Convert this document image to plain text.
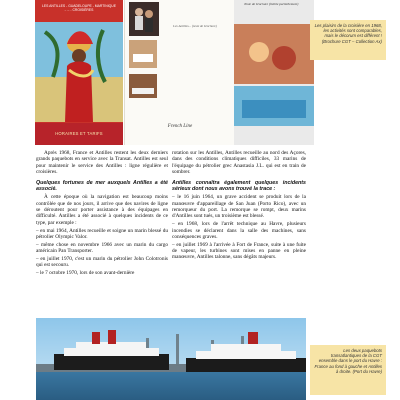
LES ANTILLES - GUADELOUPE - MARTINIQUE - ... - CROISIÈRES
HORAIRES ET TARIFS
Les Antilles... (texte de brochure)
French Line
Texte de brochure (lisible partiellement)
Les plaisirs de la croisière en 1968, les activités sont comparables, mais le décorum est différent ! (Brochure CGT – Collection Ax)

Après 1968, France et Antilles restent les deux derniers grands paquebots en service avec la Transat. Antilles est seul pour maintenir le service des Antilles : ligne régulière et croisières.

Quelques fortunes de mer auxquels Antilles a été associé.

À cette époque où la navigation est beaucoup moins contrôlée que de nos jours, il arrive que des navires de ligne se déroutent pour porter assistance à des équipages en difficulté. Antilles a été associé à quelques incidents de ce type, par exemple :

– en mai 1964, Antilles recueille et soigne un marin blessé du pétrolier Olympic Valor.

– même chose en novembre 1966 avec un marin du cargo américain Pan Transporter.

– en juillet 1970, c'est un marin du pétrolier John Colotronis qui est secouru.

– le 7 octobre 1970, lors de son avant-dernière

rotation sur les Antilles, Antilles recueille au nord des Açores, dans des conditions climatiques difficiles, 33 marins de l'équipage du pétrolier grec Anastasia J.L. qui est en train de sombrer.

Antilles connaîtra également quelques incidents sérieux dont nous avons trouvé la trace :

– le 16 juin 1964, un grave accident se produit lors de la manœuvre d'appareillage de San Juan (Porto Rico), avec un remorqueur du port. La remorque se rompt, deux marins d'Antilles sont tués, un troisième est blessé.

– en 1968, lors de l'arrêt technique au Havre, plusieurs incendies se déclarent dans la salle des machines, sans conséquences graves.

– en juillet 1969 à l'arrivée à Fort de France, suite à une fuite de vapeur, les turbines sont mises en panne en pleine manœuvre, Antilles talonne, sans dégâts majeurs.

Les deux paquebots transatlantiques de la CGT ensemble dans le port du Havre : France au fond à gauche et Antilles à droite. (Port du Havre)
